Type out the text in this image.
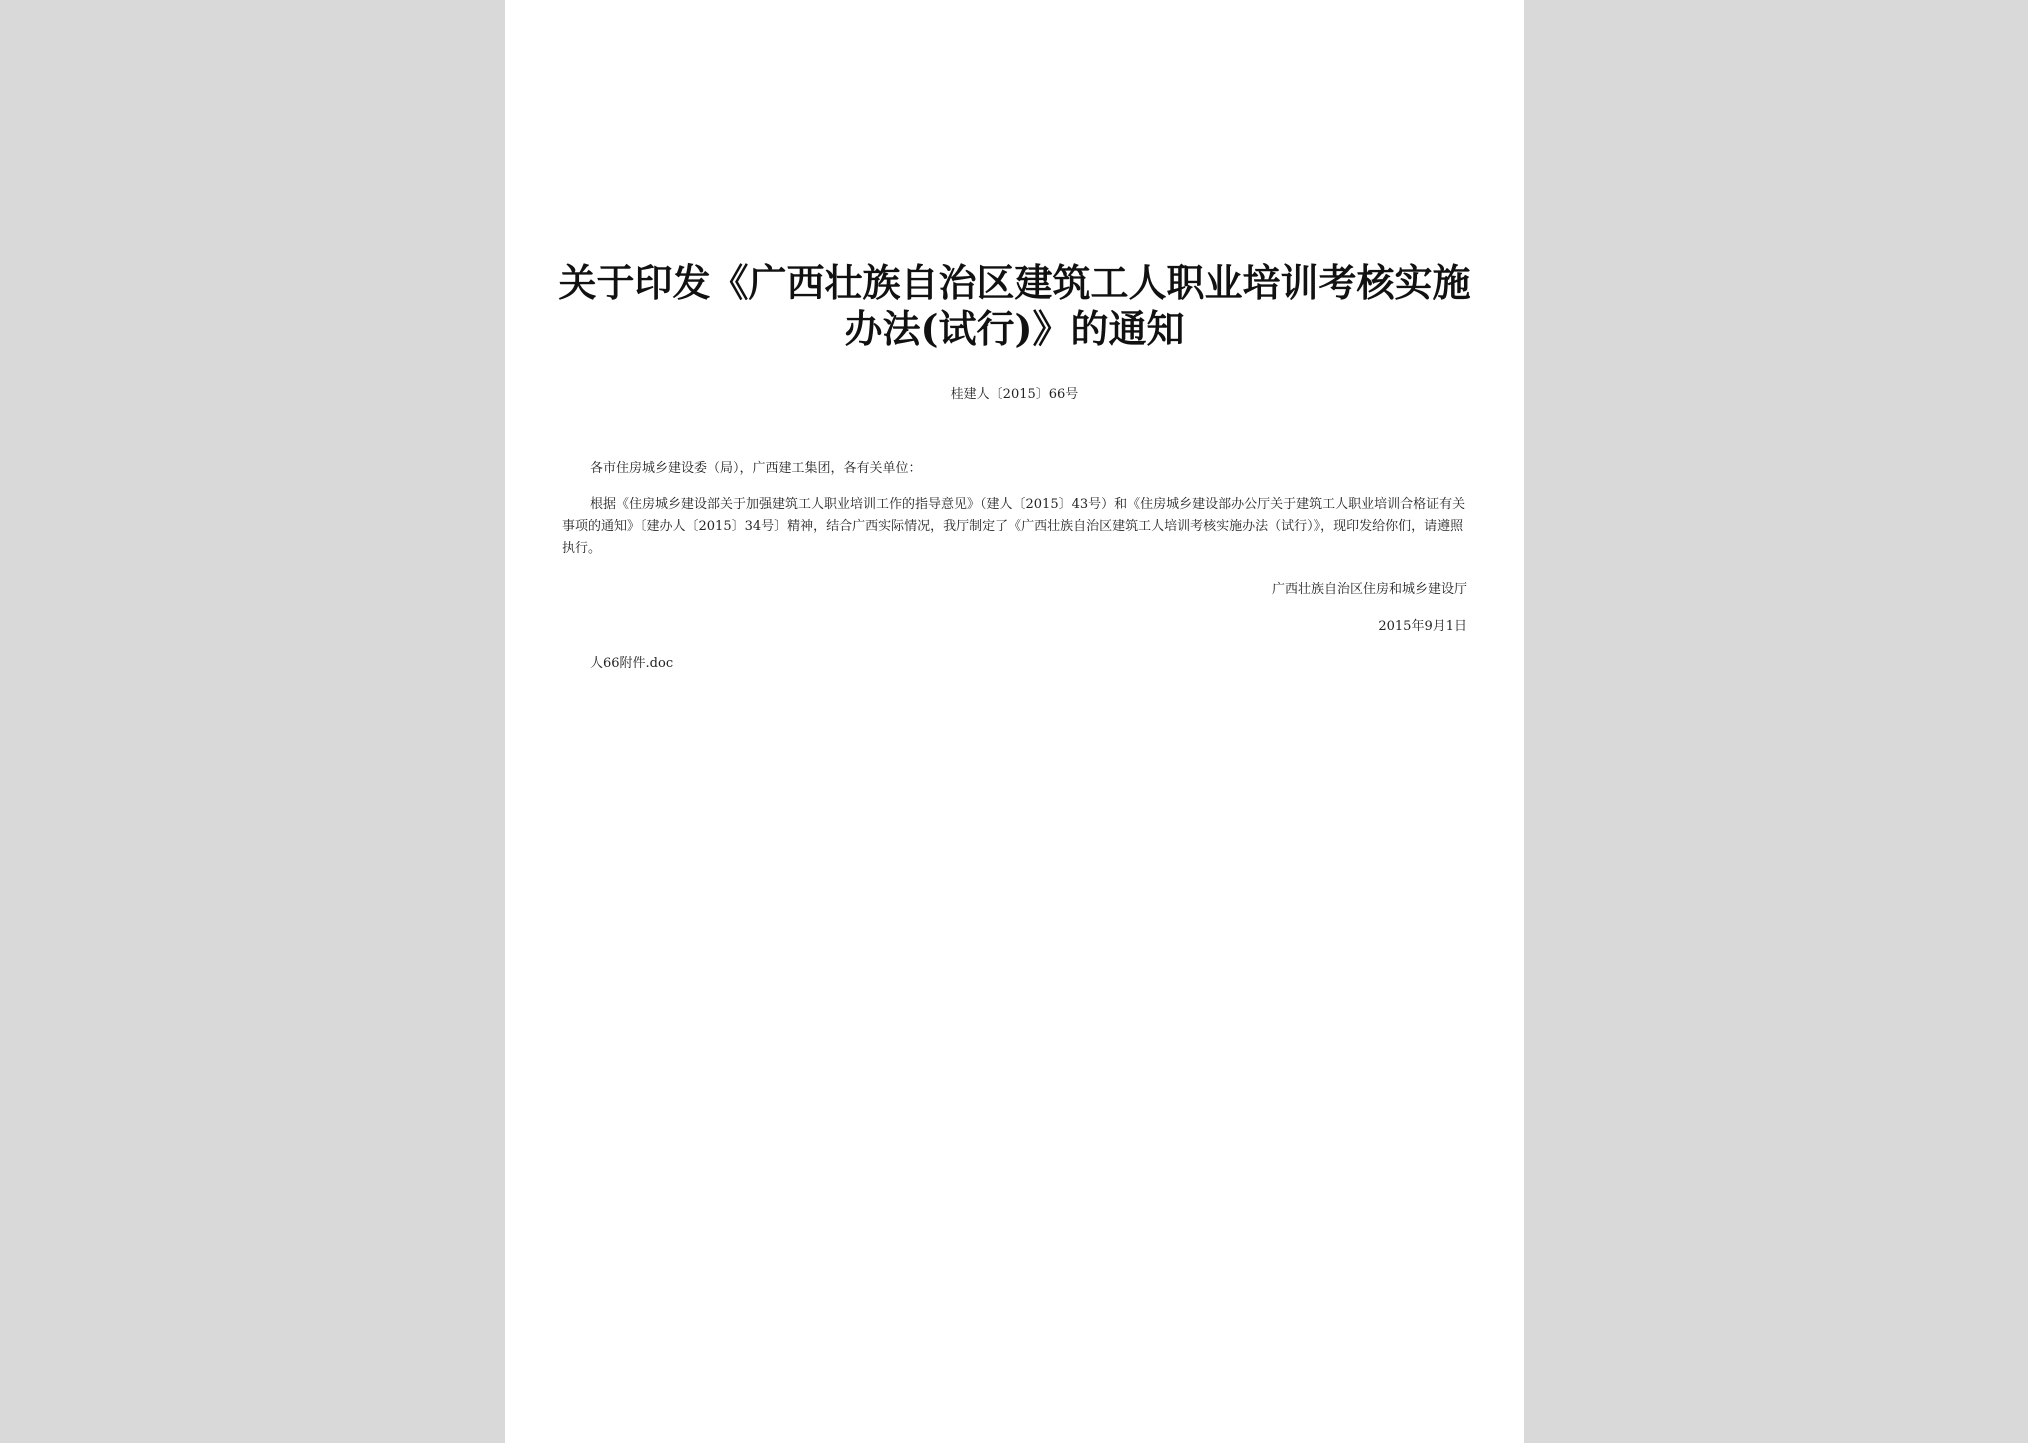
关于印发《广西壮族自治区建筑工人职业培训考核实施
办法(试行)》的通知
桂建人〔2015〕66号
各市住房城乡建设委（局），广西建工集团，各有关单位：
根据《住房城乡建设部关于加强建筑工人职业培训工作的指导意见》（建人〔2015〕43号）和《住房城乡建设部办公厅关于建筑工人职业培训合格证有关事项的通知》〔建办人〔2015〕34号〕精神，结合广西实际情况，我厅制定了《广西壮族自治区建筑工人培训考核实施办法（试行）》，现印发给你们，请遵照执行。
广西壮族自治区住房和城乡建设厅
2015年9月1日
人66附件.doc
